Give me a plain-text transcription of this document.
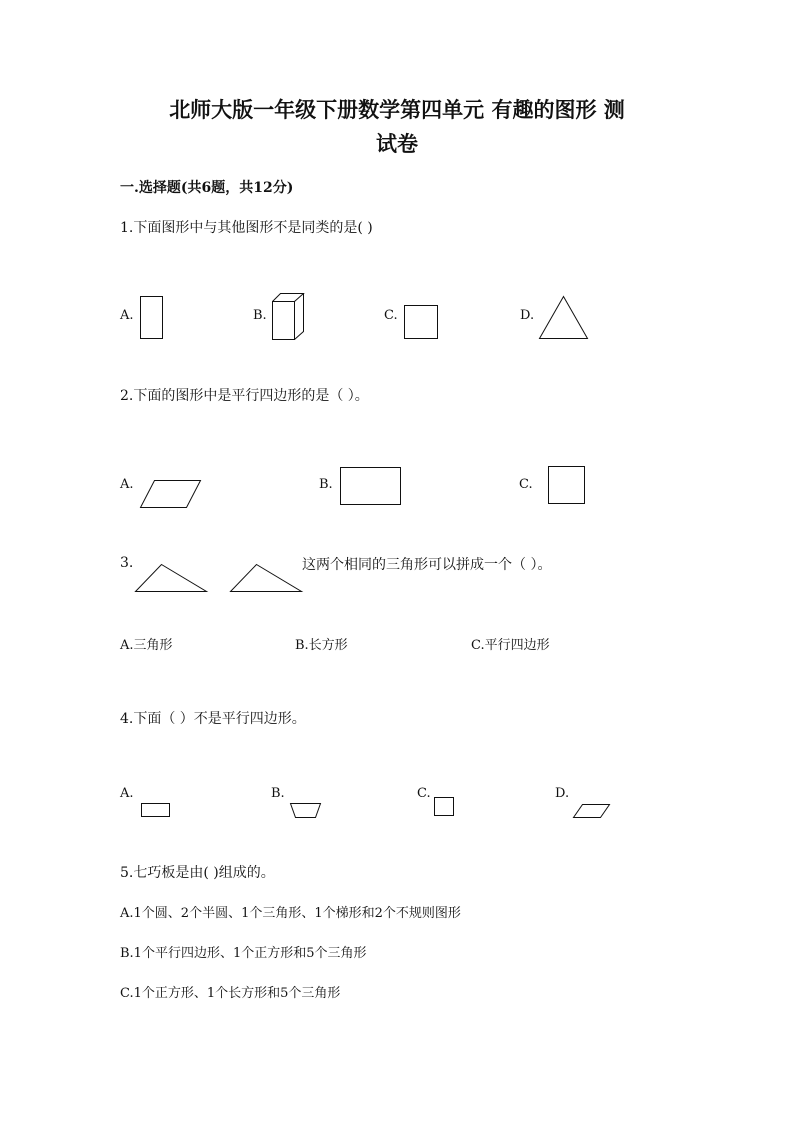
北师大版一年级下册数学第四单元 有趣的图形 测
试卷
一.选择题(共6题，共12分)
1.下面图形中与其他图形不是同类的是( )
A.	B.	C.	D.
2.下面的图形中是平行四边形的是（ ）。
A.	B.	C.
3.	这两个相同的三角形可以拼成一个（ ）。
A.三角形	B.长方形	C.平行四边形
4.下面（ ）不是平行四边形。
A.	B.	C.	D.
5.七巧板是由( )组成的。
A.1个圆、2个半圆、1个三角形、1个梯形和2个不规则图形
B.1个平行四边形、1个正方形和5个三角形
C.1个正方形、1个长方形和5个三角形
